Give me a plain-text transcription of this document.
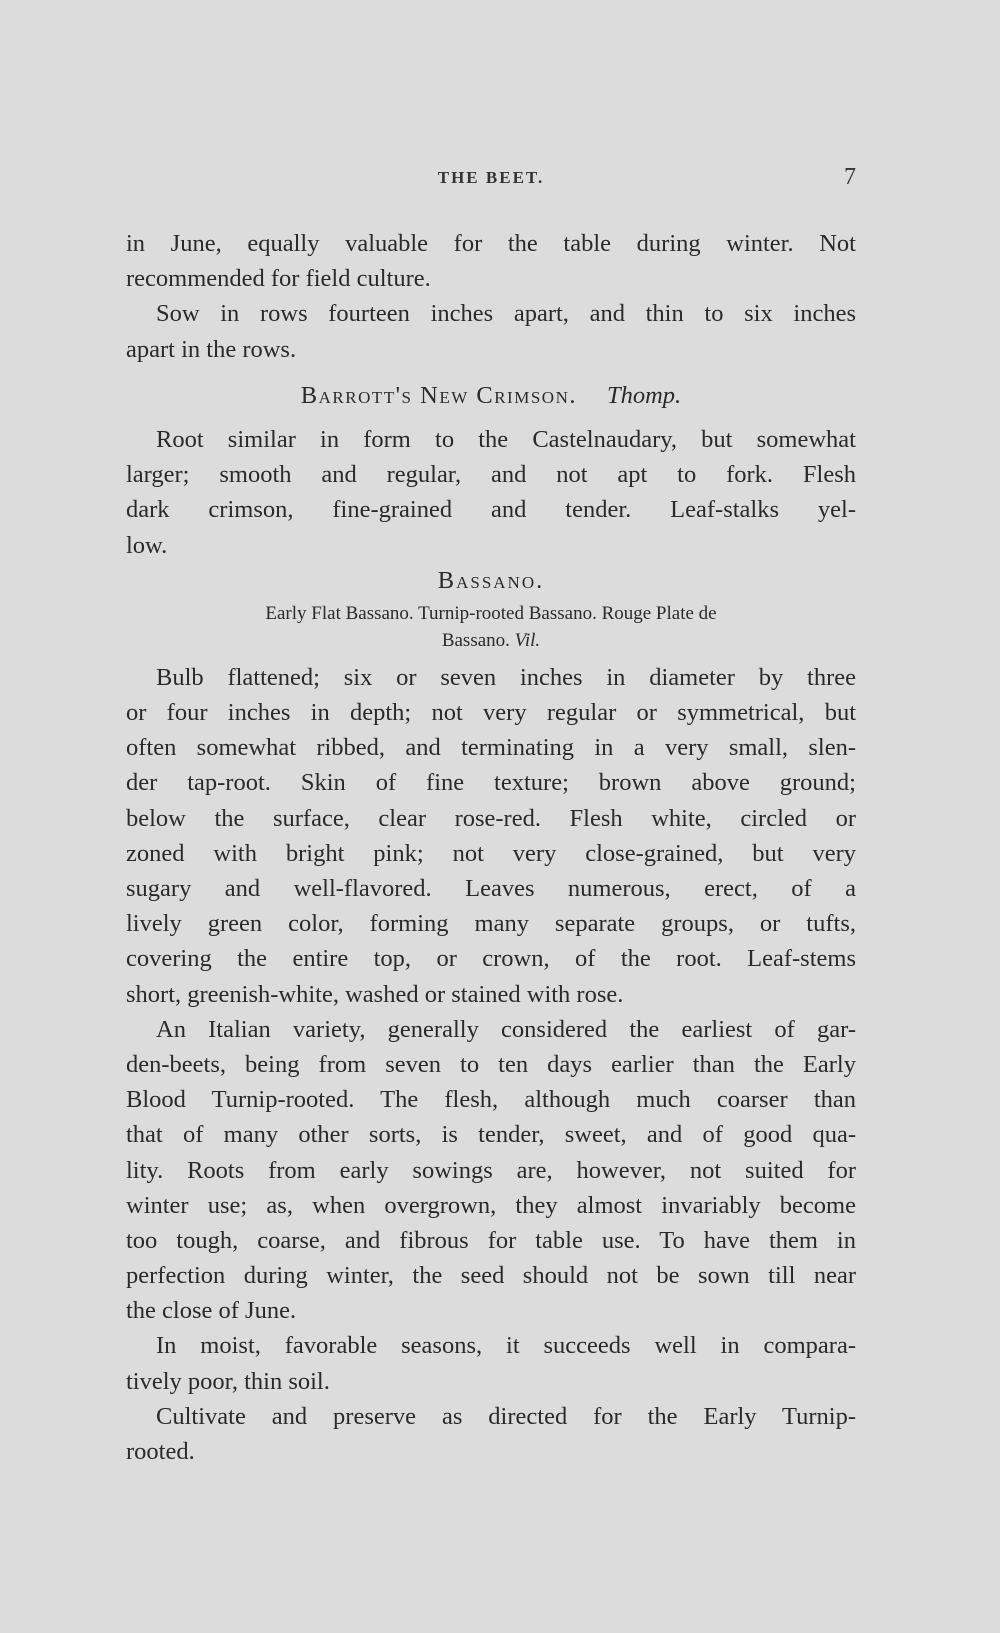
THE BEET.	7
in June, equally valuable for the table during winter. Not
recommended for field culture.
Sow in rows fourteen inches apart, and thin to six inches
apart in the rows.
Barrott's New Crimson. Thomp.
Root similar in form to the Castelnaudary, but somewhat
larger; smooth and regular, and not apt to fork. Flesh
dark crimson, fine-grained and tender. Leaf-stalks yel-
low.
Bassano.
Early Flat Bassano. Turnip-rooted Bassano. Rouge Plate de
Bassano. Vil.
Bulb flattened; six or seven inches in diameter by three
or four inches in depth; not very regular or symmetrical, but
often somewhat ribbed, and terminating in a very small, slen-
der tap-root. Skin of fine texture; brown above ground;
below the surface, clear rose-red. Flesh white, circled or
zoned with bright pink; not very close-grained, but very
sugary and well-flavored. Leaves numerous, erect, of a
lively green color, forming many separate groups, or tufts,
covering the entire top, or crown, of the root. Leaf-stems
short, greenish-white, washed or stained with rose.
An Italian variety, generally considered the earliest of gar-
den-beets, being from seven to ten days earlier than the Early
Blood Turnip-rooted. The flesh, although much coarser than
that of many other sorts, is tender, sweet, and of good qua-
lity. Roots from early sowings are, however, not suited for
winter use; as, when overgrown, they almost invariably become
too tough, coarse, and fibrous for table use. To have them in
perfection during winter, the seed should not be sown till near
the close of June.
In moist, favorable seasons, it succeeds well in compara-
tively poor, thin soil.
Cultivate and preserve as directed for the Early Turnip-
rooted.
